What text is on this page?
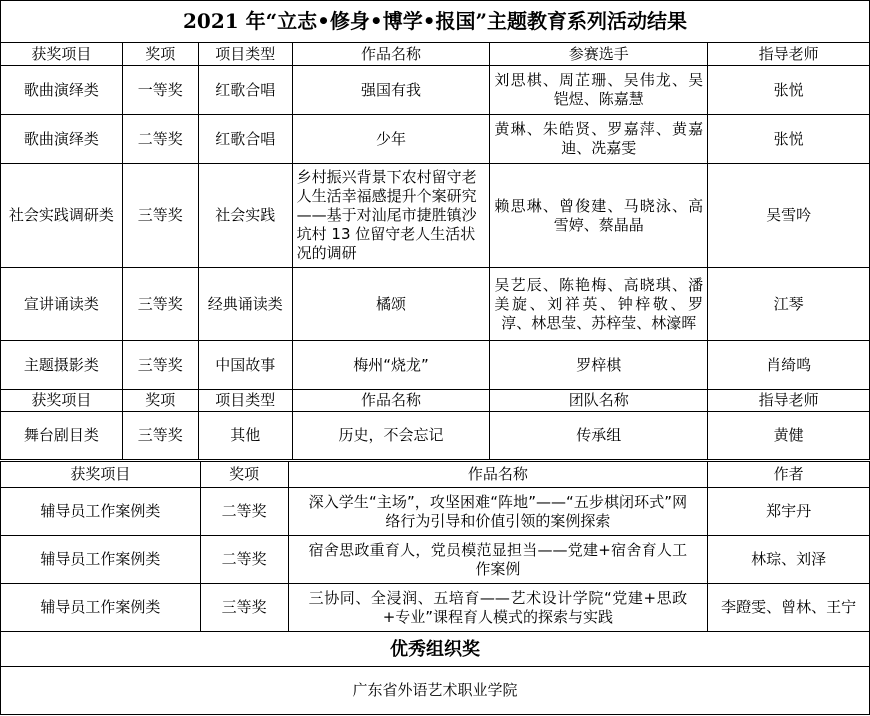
2021 年“立志•修身•博学•报国”主题教育系列活动结果					
获奖项目	奖项	项目类型	作品名称	参赛选手	指导老师
歌曲演绎类	一等奖	红歌合唱	强国有我	刘思棋、周芷珊、吴伟龙、吴铠煜、陈嘉慧	张悦
歌曲演绎类	二等奖	红歌合唱	少年	黄琳、朱皓贤、罗嘉萍、黄嘉迪、冼嘉雯	张悦
社会实践调研类	三等奖	社会实践	乡村振兴背景下农村留守老人生活幸福感提升个案研究——基于对汕尾市捷胜镇沙坑村 13 位留守老人生活状况的调研	赖思琳、曾俊建、马晓泳、高雪婷、蔡晶晶	吴雪吟
宣讲诵读类	三等奖	经典诵读类	橘颂	吴艺辰、陈艳梅、高晓琪、潘美旋、刘祥英、钟梓敬、罗淳、林思莹、苏梓莹、林濠晖	江琴
主题摄影类	三等奖	中国故事	梅州“烧龙”	罗梓棋	肖绮鸣
获奖项目	奖项	项目类型	作品名称	团队名称	指导老师
舞台剧目类	三等奖	其他	历史，不会忘记	传承组	黄健
获奖项目	奖项	作品名称	作者
辅导员工作案例类	二等奖	深入学生“主场”，攻坚困难“阵地”——“五步棋闭环式”网络行为引导和价值引领的案例探索	郑宇丹
辅导员工作案例类	二等奖	宿舍思政重育人，党员模范显担当——党建+宿舍育人工作案例	林琮、刘泽
辅导员工作案例类	三等奖	三协同、全浸润、五培育——艺术设计学院“党建+思政+专业”课程育人模式的探索与实践	李蹬雯、曾林、王宁
优秀组织奖			
广东省外语艺术职业学院			
